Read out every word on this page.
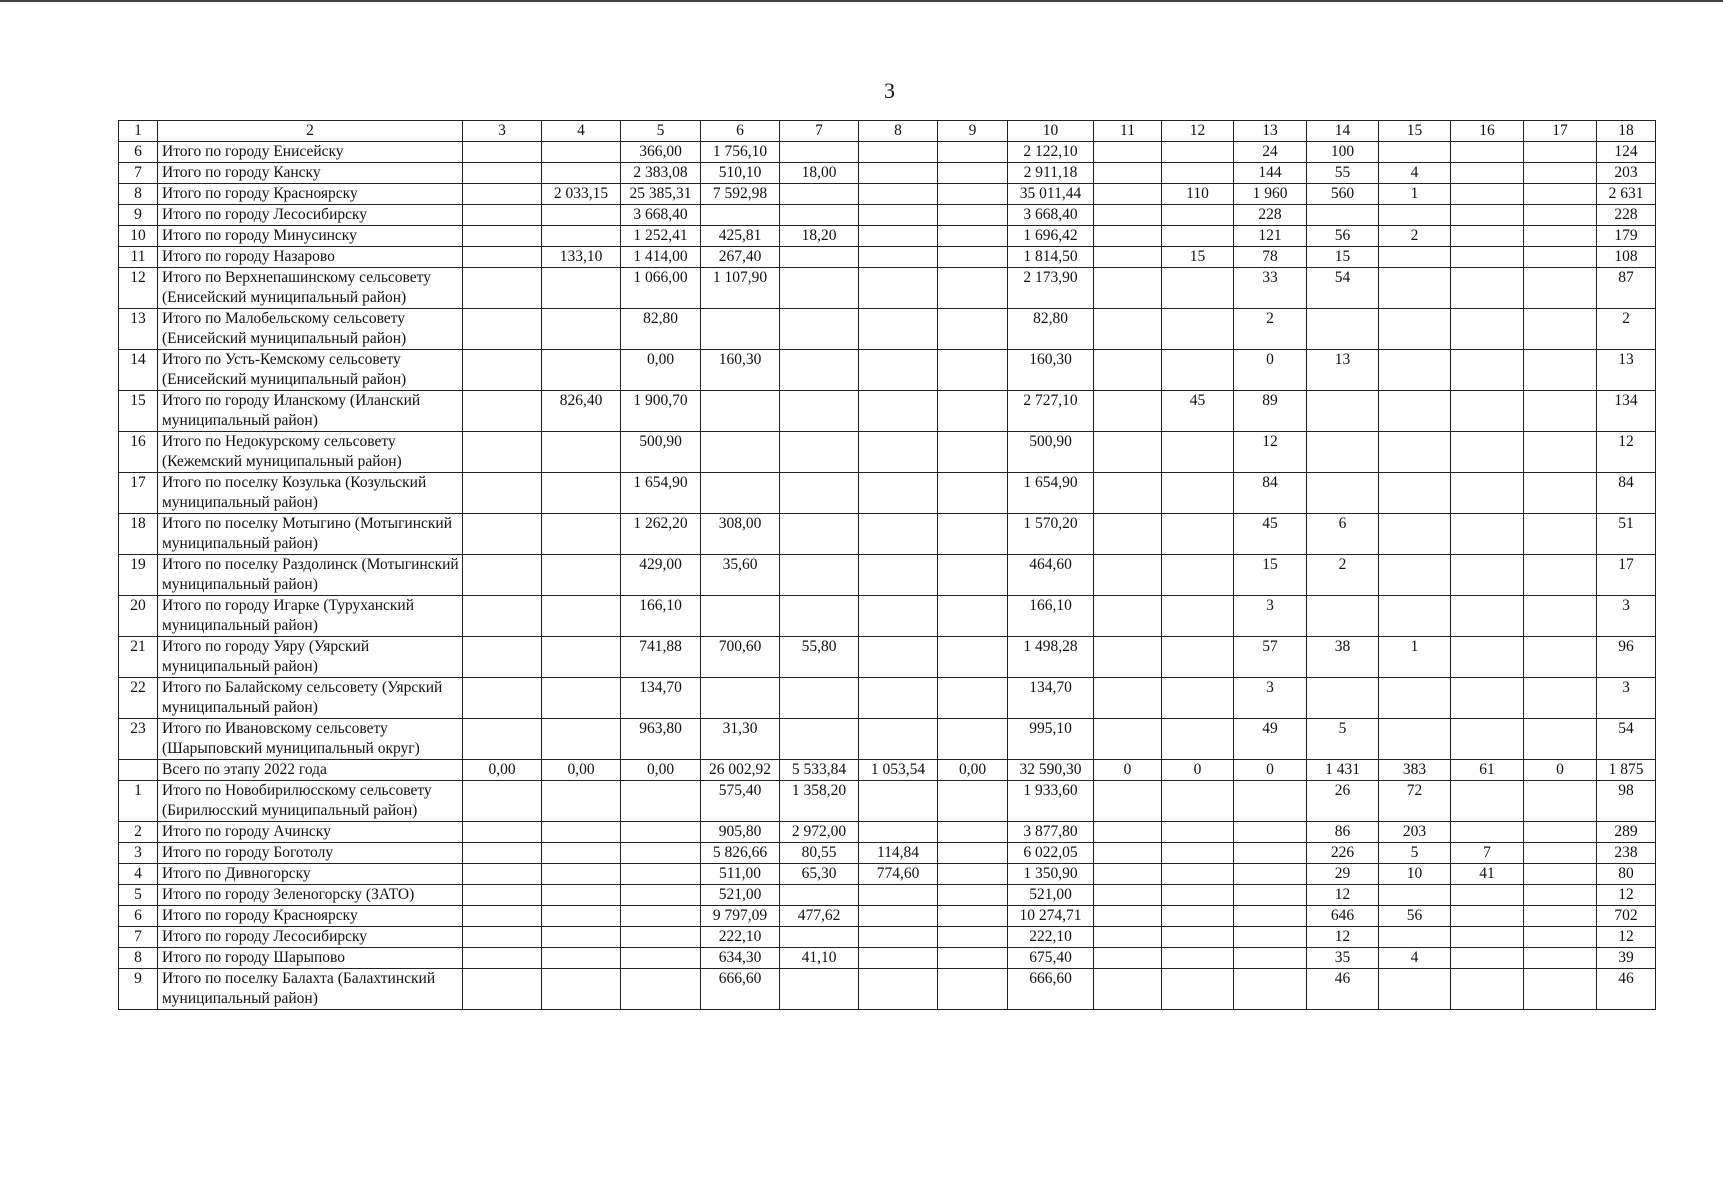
3
1	2	3	4	5	6	7	8	9	10	11	12	13	14	15	16	17	18
6	Итого по городу Енисейску			366,00	1 756,10				2 122,10			24	100				124
7	Итого по городу Канску			2 383,08	510,10	18,00			2 911,18			144	55	4			203
8	Итого по городу Красноярску		2 033,15	25 385,31	7 592,98				35 011,44		110	1 960	560	1			2 631
9	Итого по городу Лесосибирску			3 668,40					3 668,40			228					228
10	Итого по городу Минусинску			1 252,41	425,81	18,20			1 696,42			121	56	2			179
11	Итого по городу Назарово		133,10	1 414,00	267,40				1 814,50		15	78	15				108
12	Итого по Верхнепашинскому сельсовету (Енисейский муниципальный район)			1 066,00	1 107,90				2 173,90			33	54				87
13	Итого по Малобельскому сельсовету (Енисейский муниципальный район)			82,80					82,80			2					2
14	Итого по Усть-Кемскому сельсовету (Енисейский муниципальный район)			0,00	160,30				160,30			0	13				13
15	Итого по городу Иланскому (Иланский муниципальный район)		826,40	1 900,70					2 727,10		45	89					134
16	Итого по Недокурскому сельсовету (Кежемский муниципальный район)			500,90					500,90			12					12
17	Итого по поселку Козулька (Козульский муниципальный район)			1 654,90					1 654,90			84					84
18	Итого по поселку Мотыгино (Мотыгинский муниципальный район)			1 262,20	308,00				1 570,20			45	6				51
19	Итого по поселку Раздолинск (Мотыгинский муниципальный район)			429,00	35,60				464,60			15	2				17
20	Итого по городу Игарке (Туруханский муниципальный район)			166,10					166,10			3					3
21	Итого по городу Уяру (Уярский муниципальный район)			741,88	700,60	55,80			1 498,28			57	38	1			96
22	Итого по Балайскому сельсовету (Уярский муниципальный район)			134,70					134,70			3					3
23	Итого по Ивановскому сельсовету (Шарыповский муниципальный округ)			963,80	31,30				995,10			49	5				54
	Всего по этапу 2022 года	0,00	0,00	0,00	26 002,92	5 533,84	1 053,54	0,00	32 590,30	0	0	0	1 431	383	61	0	1 875
1	Итого по Новобирилюсскому сельсовету (Бирилюсский муниципальный район)				575,40	1 358,20			1 933,60				26	72			98
2	Итого по городу Ачинску				905,80	2 972,00			3 877,80				86	203			289
3	Итого по городу Боготолу				5 826,66	80,55	114,84		6 022,05				226	5	7		238
4	Итого по Дивногорску				511,00	65,30	774,60		1 350,90				29	10	41		80
5	Итого по городу Зеленогорску (ЗАТО)				521,00				521,00				12				12
6	Итого по городу Красноярску				9 797,09	477,62			10 274,71				646	56			702
7	Итого по городу Лесосибирску				222,10				222,10				12				12
8	Итого по городу Шарыпово				634,30	41,10			675,40				35	4			39
9	Итого по поселку Балахта (Балахтинский муниципальный район)				666,60				666,60				46				46
